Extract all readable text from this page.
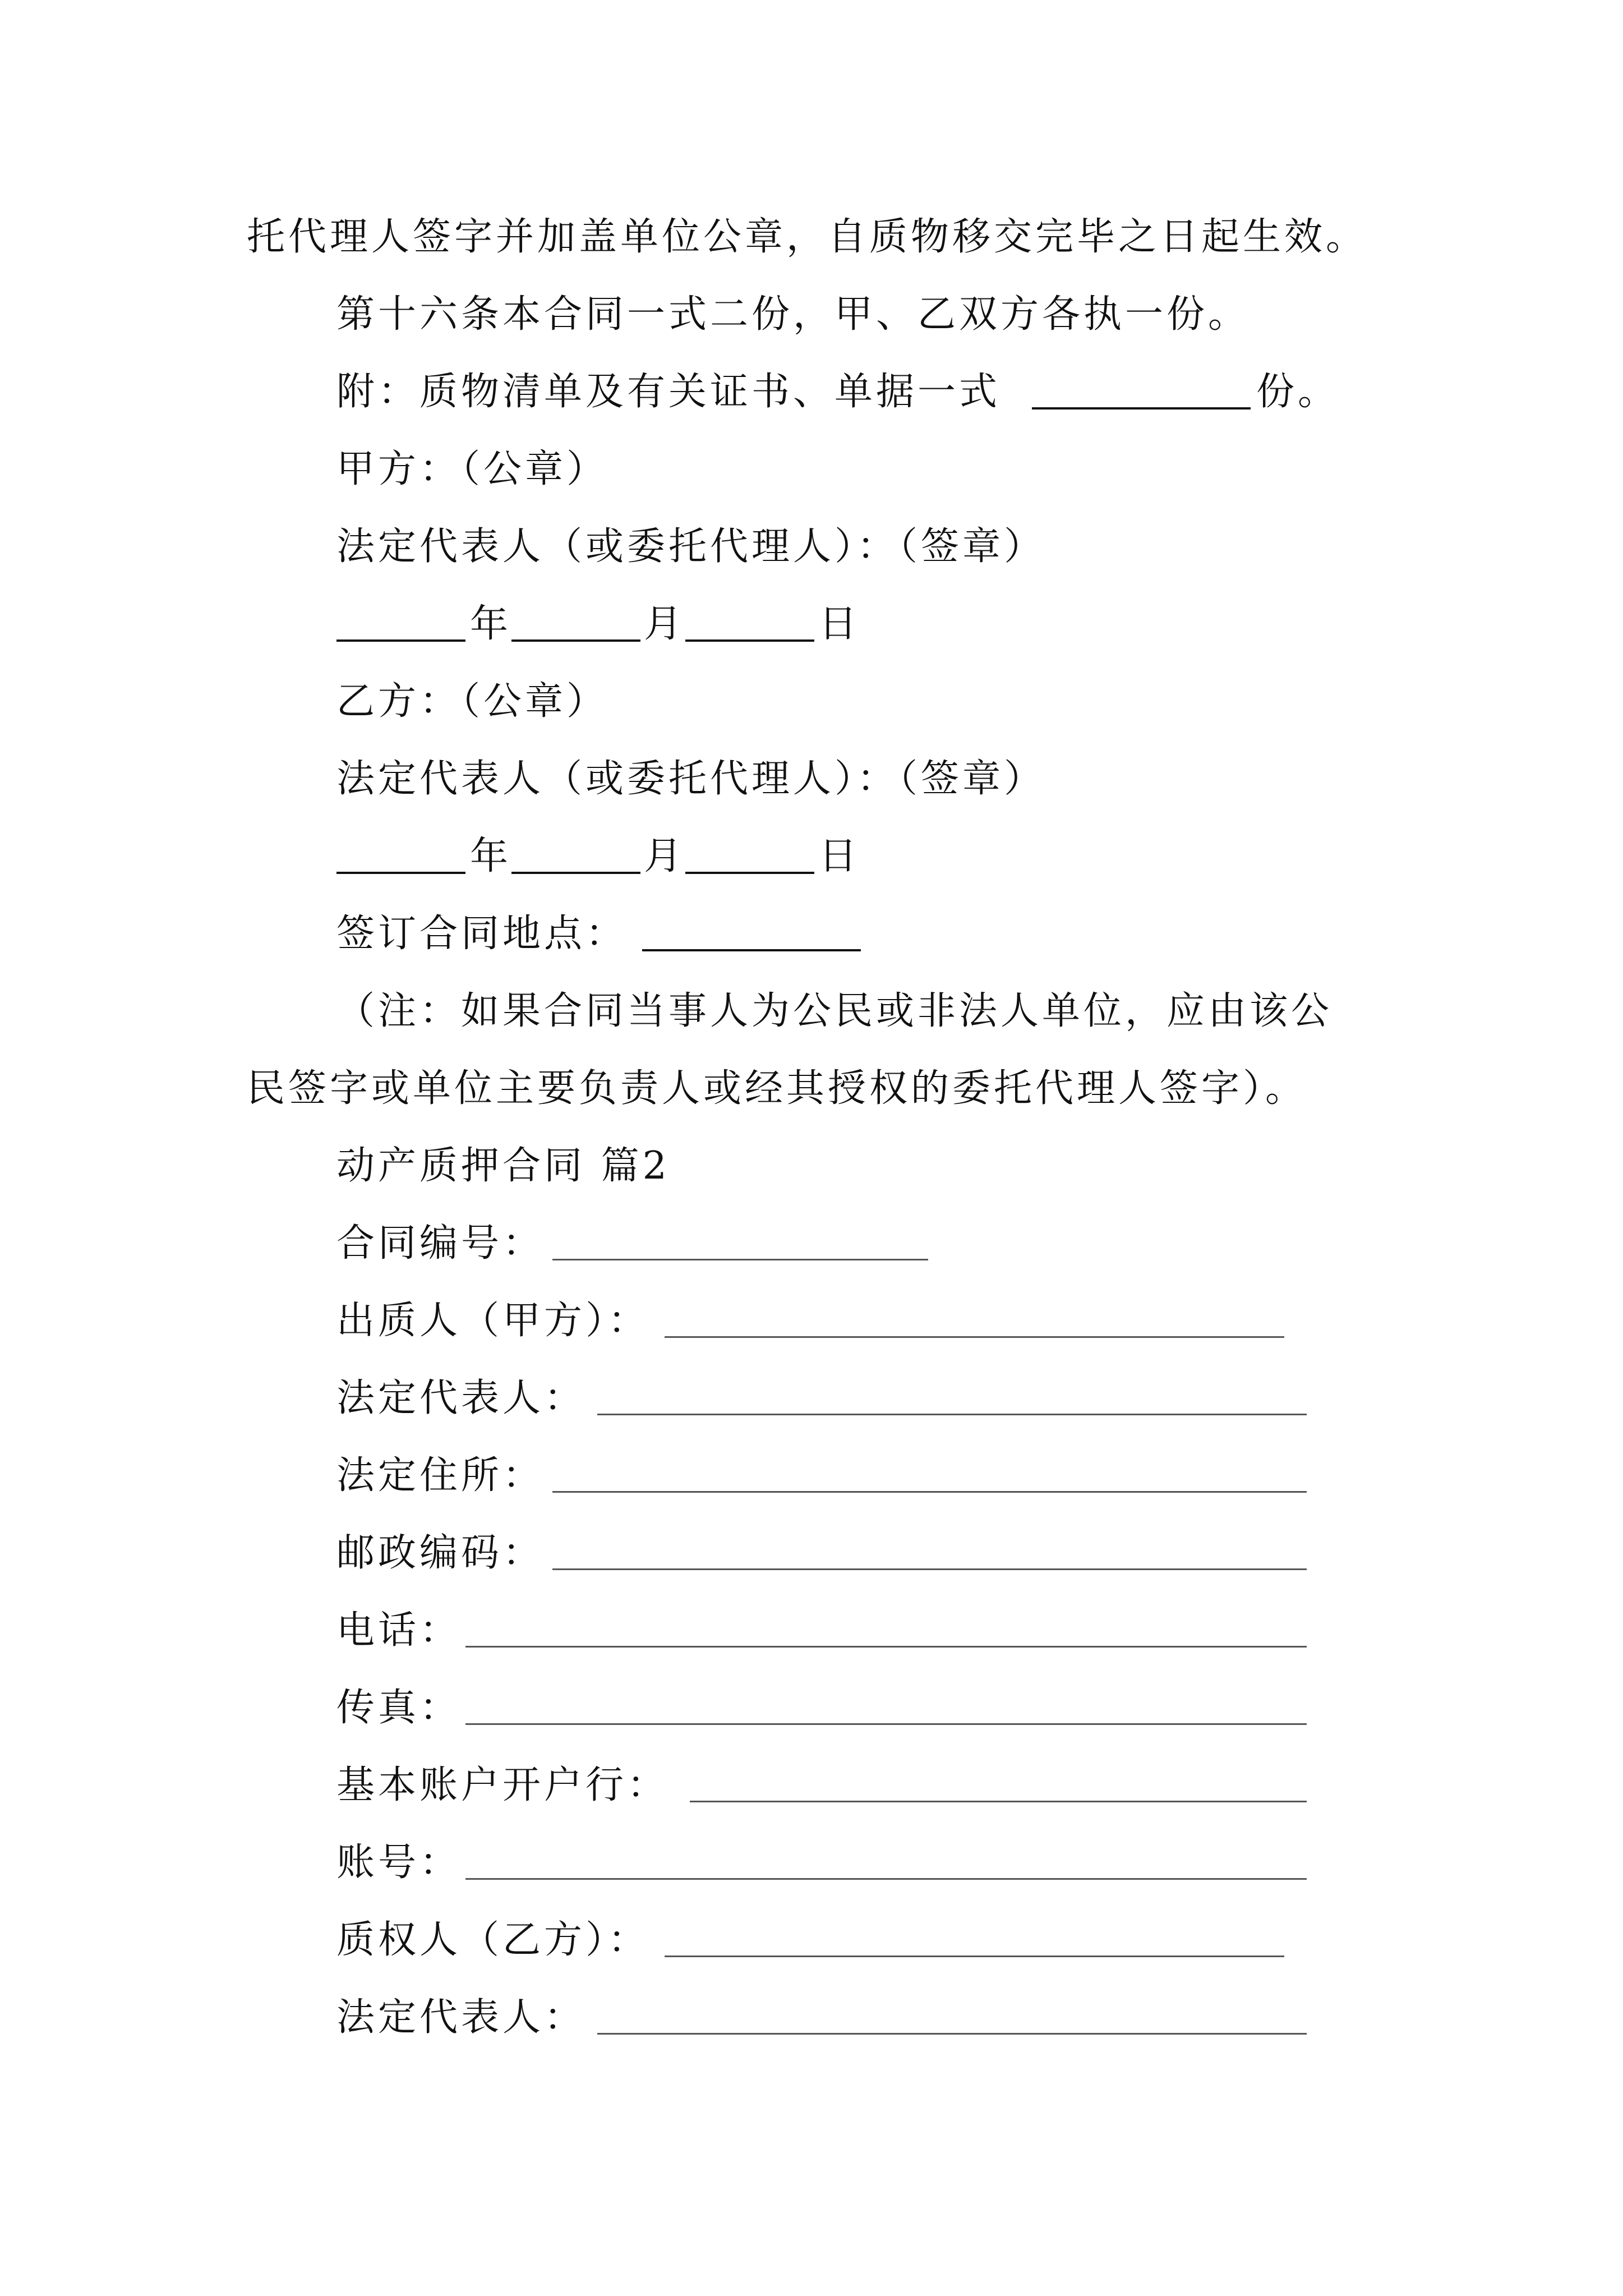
托代理人签字并加盖单位公章，自质物移交完毕之日起生效。
第十六条本合同一式二份，甲、乙双方各执一份。
附：质物清单及有关证书、单据一式	份。
甲方：（公章）
法定代表人（或委托代理人）：（签章）
年	月	日
乙方：（公章）
法定代表人（或委托代理人）：（签章）
年	月	日
签订合同地点：
（注：如果合同当事人为公民或非法人单位，应由该公
民签字或单位主要负责人或经其授权的委托代理人签字）。
动产质押合同 篇2
合同编号：
出质人（甲方）：
法定代表人：
法定住所：
邮政编码：
电话：
传真：
基本账户开户行：
账号：
质权人（乙方）：
法定代表人：
